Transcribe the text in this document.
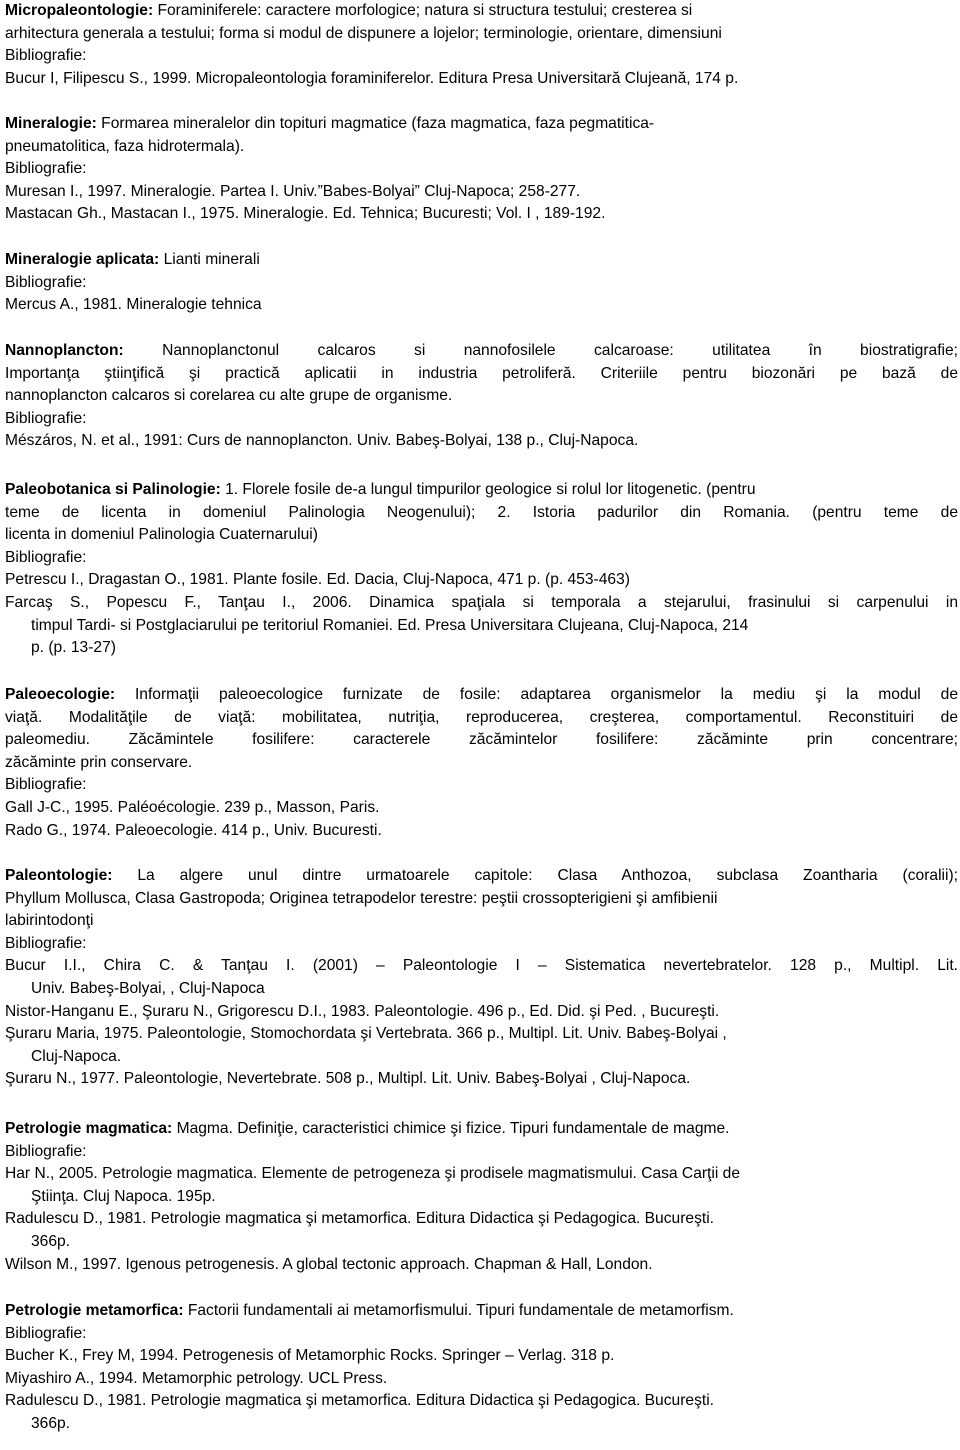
Micropaleontologie: Foraminiferele: caractere morfologice; natura si structura testului; cresterea si
arhitectura generala a testului; forma si modul de dispunere a lojelor; terminologie, orientare, dimensiuni
Bibliografie:
Bucur I, Filipescu S., 1999. Micropaleontologia foraminiferelor. Editura Presa Universitară Clujeană, 174 p.
Mineralogie: Formarea mineralelor din topituri magmatice (faza magmatica, faza pegmatitica-
pneumatolitica, faza hidrotermala).
Bibliografie:
Muresan I., 1997. Mineralogie. Partea I. Univ.”Babes-Bolyai” Cluj-Napoca; 258-277.
Mastacan Gh., Mastacan I., 1975. Mineralogie. Ed. Tehnica; Bucuresti; Vol. I , 189-192.
Mineralogie aplicata: Lianti minerali
Bibliografie:
Mercus A., 1981. Mineralogie tehnica
Nannoplancton: Nannoplanctonul calcaros si nannofosilele calcaroase: utilitatea în biostratigrafie;
Importanţa ştiinţifică şi practică aplicatii in industria petroliferă. Criteriile pentru biozonări pe bază de
nannoplancton calcaros si corelarea cu alte grupe de organisme.
Bibliografie:
Mészáros, N. et al., 1991: Curs de nannoplancton. Univ. Babeş-Bolyai, 138 p., Cluj-Napoca.
Paleobotanica si Palinologie: 1. Florele fosile de-a lungul timpurilor geologice si rolul lor litogenetic. (pentru
teme de licenta in domeniul Palinologia Neogenului); 2. Istoria padurilor din Romania. (pentru teme de
licenta in domeniul Palinologia Cuaternarului)
Bibliografie:
Petrescu I., Dragastan O., 1981. Plante fosile. Ed. Dacia, Cluj-Napoca, 471 p. (p. 453-463)
Farcaş S., Popescu F., Tanţau I., 2006. Dinamica spaţiala si temporala a stejarului, frasinului si carpenului in
timpul Tardi- si Postglaciarului pe teritoriul Romaniei. Ed. Presa Universitara Clujeana, Cluj-Napoca, 214
p. (p. 13-27)
Paleoecologie: Informaţii paleoecologice furnizate de fosile: adaptarea organismelor la mediu şi la modul de
viaţă. Modalităţile de viaţă: mobilitatea, nutriţia, reproducerea, creşterea, comportamentul. Reconstituiri de
paleomediu. Zăcămintele fosilifere: caracterele zăcămintelor fosilifere: zăcăminte prin concentrare;
zăcăminte prin conservare.
Bibliografie:
Gall J-C., 1995. Paléoécologie. 239 p., Masson, Paris.
Rado G., 1974. Paleoecologie. 414 p., Univ. Bucuresti.
Paleontologie: La algere unul dintre urmatoarele capitole: Clasa Anthozoa, subclasa Zoantharia (coralii);
Phyllum Mollusca, Clasa Gastropoda; Originea tetrapodelor terestre: peştii crossopterigieni şi amfibienii
labirintodonţi
Bibliografie:
Bucur I.I., Chira C. & Tanţau I. (2001) – Paleontologie I – Sistematica nevertebratelor. 128 p., Multipl. Lit.
Univ. Babeş-Bolyai, , Cluj-Napoca
Nistor-Hanganu E., Şuraru N., Grigorescu D.I., 1983. Paleontologie. 496 p., Ed. Did. şi Ped. , Bucureşti.
Şuraru Maria, 1975. Paleontologie, Stomochordata şi Vertebrata. 366 p., Multipl. Lit. Univ. Babeş-Bolyai ,
Cluj-Napoca.
Şuraru N., 1977. Paleontologie, Nevertebrate. 508 p., Multipl. Lit. Univ. Babeş-Bolyai , Cluj-Napoca.
Petrologie magmatica: Magma. Definiţie, caracteristici chimice şi fizice. Tipuri fundamentale de magme.
Bibliografie:
Har N., 2005. Petrologie magmatica. Elemente de petrogeneza şi prodisele magmatismului. Casa Carţii de
Ştiinţa. Cluj Napoca. 195p.
Radulescu D., 1981. Petrologie magmatica şi metamorfica. Editura Didactica şi Pedagogica. Bucureşti.
366p.
Wilson M., 1997. Igenous petrogenesis. A global tectonic approach. Chapman & Hall, London.
Petrologie metamorfica: Factorii fundamentali ai metamorfismului. Tipuri fundamentale de metamorfism.
Bibliografie:
Bucher K., Frey M, 1994. Petrogenesis of Metamorphic Rocks. Springer – Verlag. 318 p.
Miyashiro A., 1994. Metamorphic petrology. UCL Press.
Radulescu D., 1981. Petrologie magmatica şi metamorfica. Editura Didactica şi Pedagogica. Bucureşti.
366p.
